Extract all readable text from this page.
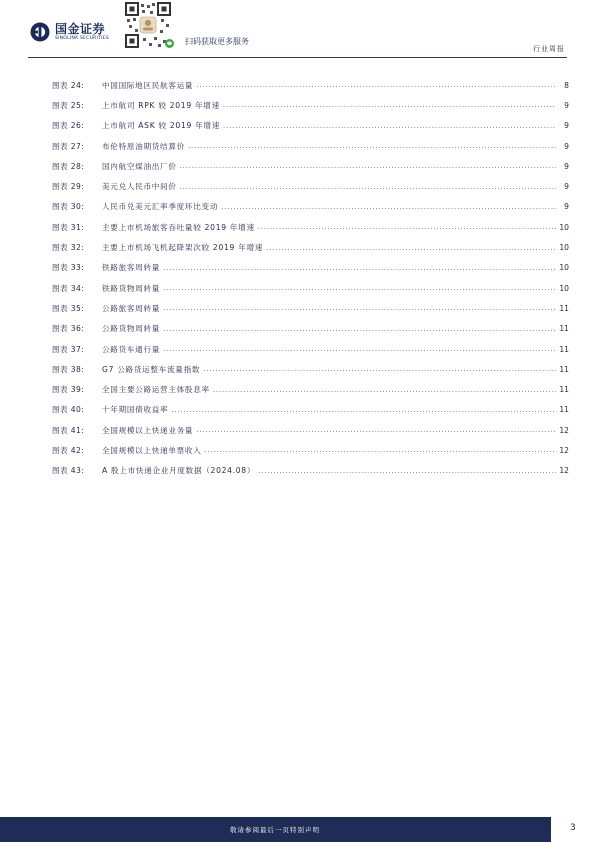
国金证券
SINOLINK SECURITIES	扫码获取更多服务
行业周报
图表 24:	中国国际地区民航客运量 .....	8
图表 25:	上市航司 RPK 较 2019 年增速 .....	9
图表 26:	上市航司 ASK 较 2019 年增速 .....	9
图表 27:	布伦特原油期货结算价 .....	9
图表 28:	国内航空煤油出厂价 .....	9
图表 29:	美元兑人民币中间价 .....	9
图表 30:	人民币兑美元汇率季度环比变动 .....	9
图表 31:	主要上市机场旅客吞吐量较 2019 年增速 .....	10
图表 32:	主要上市机场飞机起降架次较 2019 年增速 .....	10
图表 33:	铁路旅客周转量 .....	10
图表 34:	铁路货物周转量 .....	10
图表 35:	公路旅客周转量 .....	11
图表 36:	公路货物周转量 .....	11
图表 37:	公路货车通行量 .....	11
图表 38:	G7 公路货运整车流量指数 .....	11
图表 39:	全国主要公路运营主体股息率 .....	11
图表 40:	十年期国债收益率 .....	11
图表 41:	全国规模以上快递业务量 .....	12
图表 42:	全国规模以上快递单票收入 .....	12
图表 43:	A 股上市快递企业月度数据（2024.08） .....	12
敬请参阅最后一页特别声明	3
